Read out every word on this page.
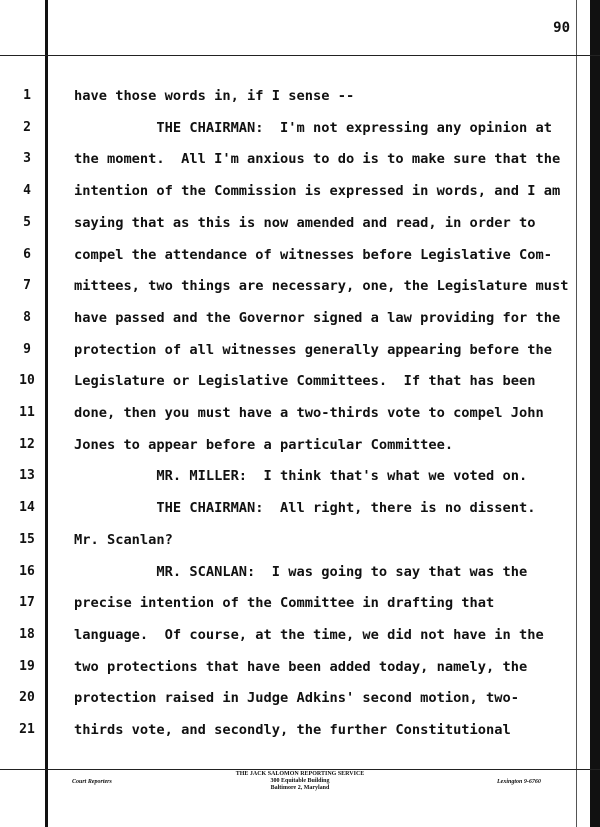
90
1	have those words in, if I sense --
2	THE CHAIRMAN:  I'm not expressing any opinion at
3	the moment.  All I'm anxious to do is to make sure that the
4	intention of the Commission is expressed in words, and I am
5	saying that as this is now amended and read, in order to
6	compel the attendance of witnesses before Legislative Com-
7	mittees, two things are necessary, one, the Legislature must
8	have passed and the Governor signed a law providing for the
9	protection of all witnesses generally appearing before the
10	Legislature or Legislative Committees.  If that has been
11	done, then you must have a two-thirds vote to compel John
12	Jones to appear before a particular Committee.
13	MR. MILLER:  I think that's what we voted on.
14	THE CHAIRMAN:  All right, there is no dissent.
15	Mr. Scanlan?
16	MR. SCANLAN:  I was going to say that was the
17	precise intention of the Committee in drafting that
18	language.  Of course, at the time, we did not have in the
19	two protections that have been added today, namely, the
20	protection raised in Judge Adkins' second motion, two-
21	thirds vote, and secondly, the further Constitutional
THE JACK SALOMON REPORTING SERVICE
300 Equitable Building
Baltimore 2, Maryland
Court Reporters	Lexington 9-6760
